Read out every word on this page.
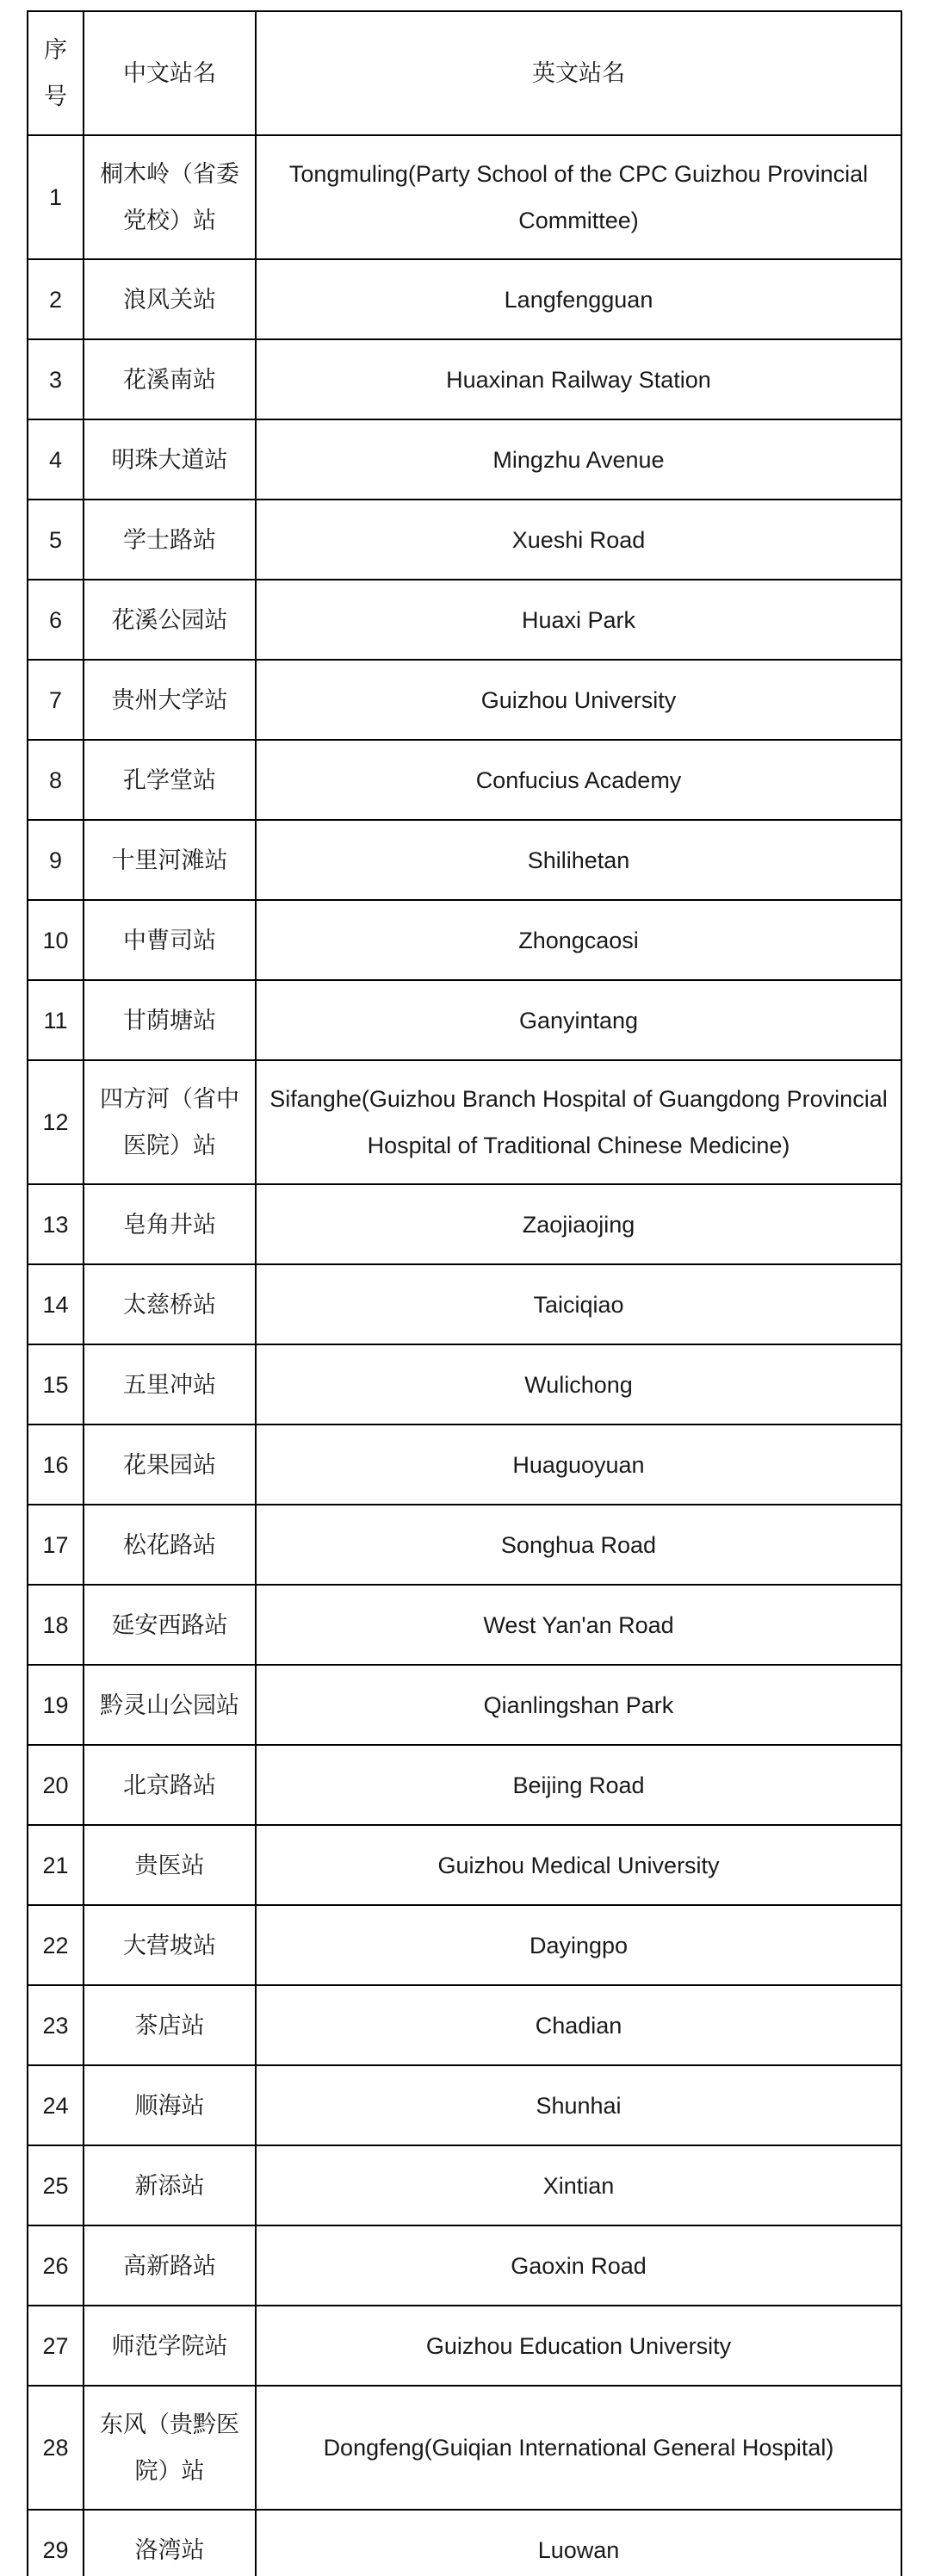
序号	中文站名	英文站名
1	桐木岭（省委党校）站	Tongmuling(Party School of the CPC Guizhou Provincial Committee)
2	浪风关站	Langfengguan
3	花溪南站	Huaxinan Railway Station
4	明珠大道站	Mingzhu Avenue
5	学士路站	Xueshi Road
6	花溪公园站	Huaxi Park
7	贵州大学站	Guizhou University
8	孔学堂站	Confucius Academy
9	十里河滩站	Shilihetan
10	中曹司站	Zhongcaosi
11	甘荫塘站	Ganyintang
12	四方河（省中医院）站	Sifanghe(Guizhou Branch Hospital of Guangdong Provincial Hospital of Traditional Chinese Medicine)
13	皂角井站	Zaojiaojing
14	太慈桥站	Taiciqiao
15	五里冲站	Wulichong
16	花果园站	Huaguoyuan
17	松花路站	Songhua Road
18	延安西路站	West Yan'an Road
19	黔灵山公园站	Qianlingshan Park
20	北京路站	Beijing Road
21	贵医站	Guizhou Medical University
22	大营坡站	Dayingpo
23	茶店站	Chadian
24	顺海站	Shunhai
25	新添站	Xintian
26	高新路站	Gaoxin Road
27	师范学院站	Guizhou Education University
28	东风（贵黔医院）站	Dongfeng(Guiqian International General Hospital)
29	洛湾站	Luowan
